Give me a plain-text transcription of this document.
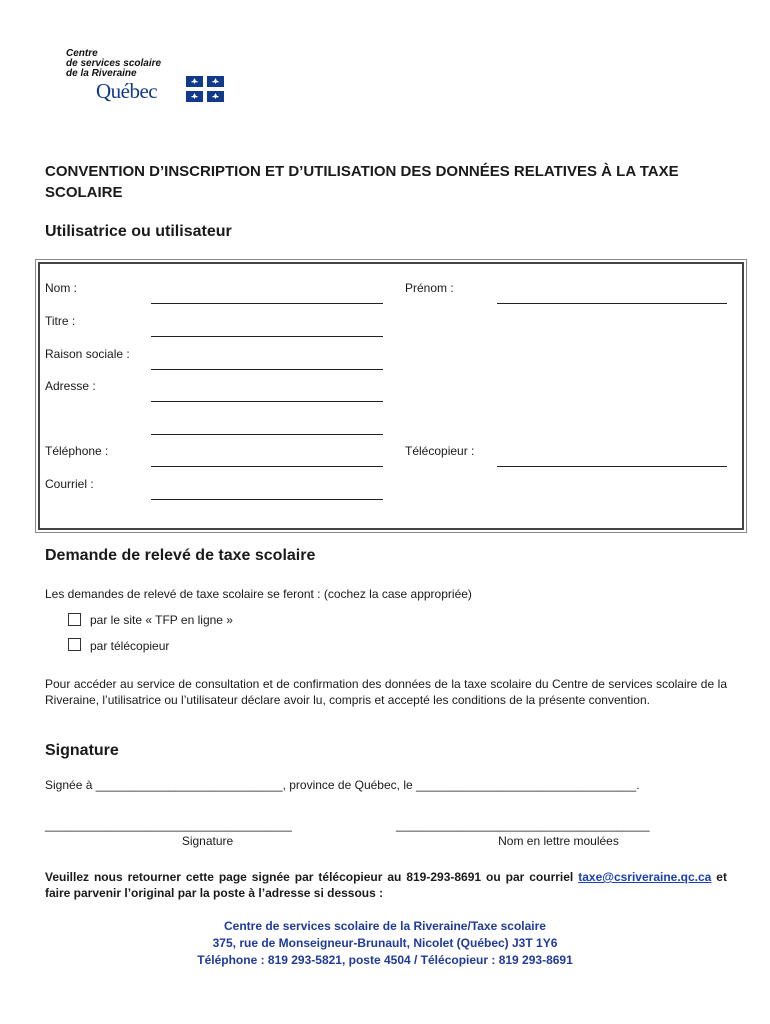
Centre
de services scolaire
de la Riveraine
Québec
CONVENTION D’INSCRIPTION ET D’UTILISATION DES DONNÉES RELATIVES À LA TAXE SCOLAIRE
Utilisatrice ou utilisateur
Nom :	Prénom :
Titre :
Raison sociale :
Adresse :
Téléphone :	Télécopieur :
Courriel :
Demande de relevé de taxe scolaire
Les demandes de relevé de taxe scolaire se feront : (cochez la case appropriée)
par le site « TFP en ligne »
par télécopieur
Pour accéder au service de consultation et de confirmation des données de la taxe scolaire du Centre de services scolaire de la Riveraine, l’utilisatrice ou l’utilisateur déclare avoir lu, compris et accepté les conditions de la présente convention.
Signature
Signée à ____________________________, province de Québec, le _________________________________.
_____________________________________	______________________________________
Signature	Nom en lettre moulées
Veuillez nous retourner cette page signée par télécopieur au 819-293-8691 ou par courriel taxe@csriveraine.qc.ca et faire parvenir l’original par la poste à l’adresse si dessous :
Centre de services scolaire de la Riveraine/Taxe scolaire
375, rue de Monseigneur-Brunault, Nicolet (Québec) J3T 1Y6
Téléphone : 819 293-5821, poste 4504 / Télécopieur : 819 293-8691
